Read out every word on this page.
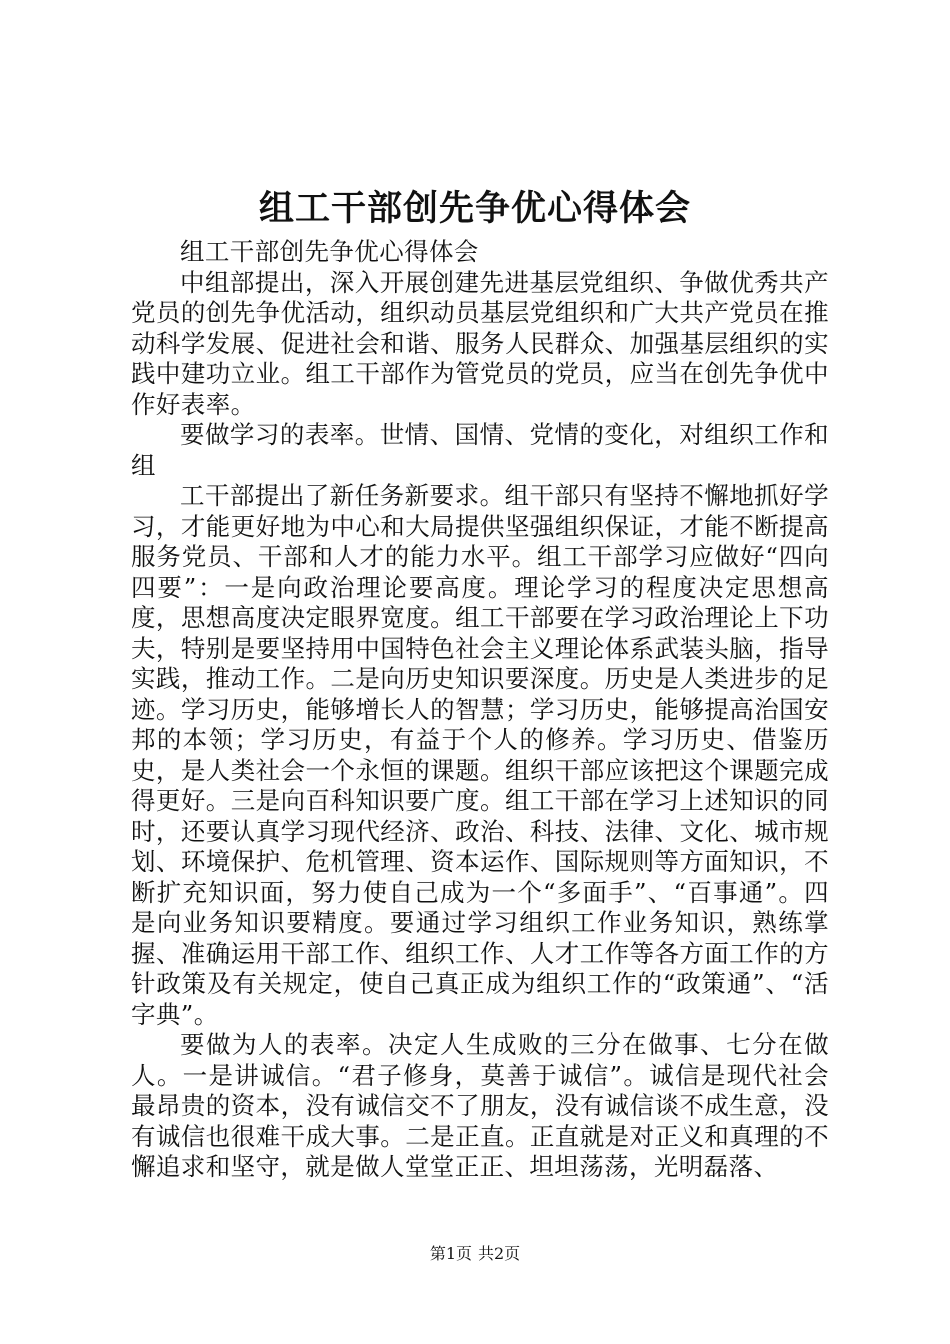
组工干部创先争优心得体会

组工干部创先争优心得体会

中组部提出，深入开展创建先进基层党组织、争做优秀共产党员的创先争优活动，组织动员基层党组织和广大共产党员在推动科学发展、促进社会和谐、服务人民群众、加强基层组织的实践中建功立业。组工干部作为管党员的党员，应当在创先争优中作好表率。

要做学习的表率。世情、国情、党情的变化，对组织工作和组

工干部提出了新任务新要求。组干部只有坚持不懈地抓好学习，才能更好地为中心和大局提供坚强组织保证，才能不断提高服务党员、干部和人才的能力水平。组工干部学习应做好“四向四要”：一是向政治理论要高度。理论学习的程度决定思想高度，思想高度决定眼界宽度。组工干部要在学习政治理论上下功夫，特别是要坚持用中国特色社会主义理论体系武装头脑，指导实践，推动工作。二是向历史知识要深度。历史是人类进步的足迹。学习历史，能够增长人的智慧；学习历史，能够提高治国安邦的本领；学习历史，有益于个人的修养。学习历史、借鉴历史，是人类社会一个永恒的课题。组织干部应该把这个课题完成得更好。三是向百科知识要广度。组工干部在学习上述知识的同时，还要认真学习现代经济、政治、科技、法律、文化、城市规划、环境保护、危机管理、资本运作、国际规则等方面知识，不断扩充知识面，努力使自己成为一个“多面手”、“百事通”。四是向业务知识要精度。要通过学习组织工作业务知识，熟练掌握、准确运用干部工作、组织工作、人才工作等各方面工作的方针政策及有关规定，使自己真正成为组织工作的“政策通”、“活字典”。

要做为人的表率。决定人生成败的三分在做事、七分在做人。一是讲诚信。“君子修身，莫善于诚信”。诚信是现代社会最昂贵的资本，没有诚信交不了朋友，没有诚信谈不成生意，没有诚信也很难干成大事。二是正直。正直就是对正义和真理的不懈追求和坚守，就是做人堂堂正正、坦坦荡荡，光明磊落、

第1页 共2页
